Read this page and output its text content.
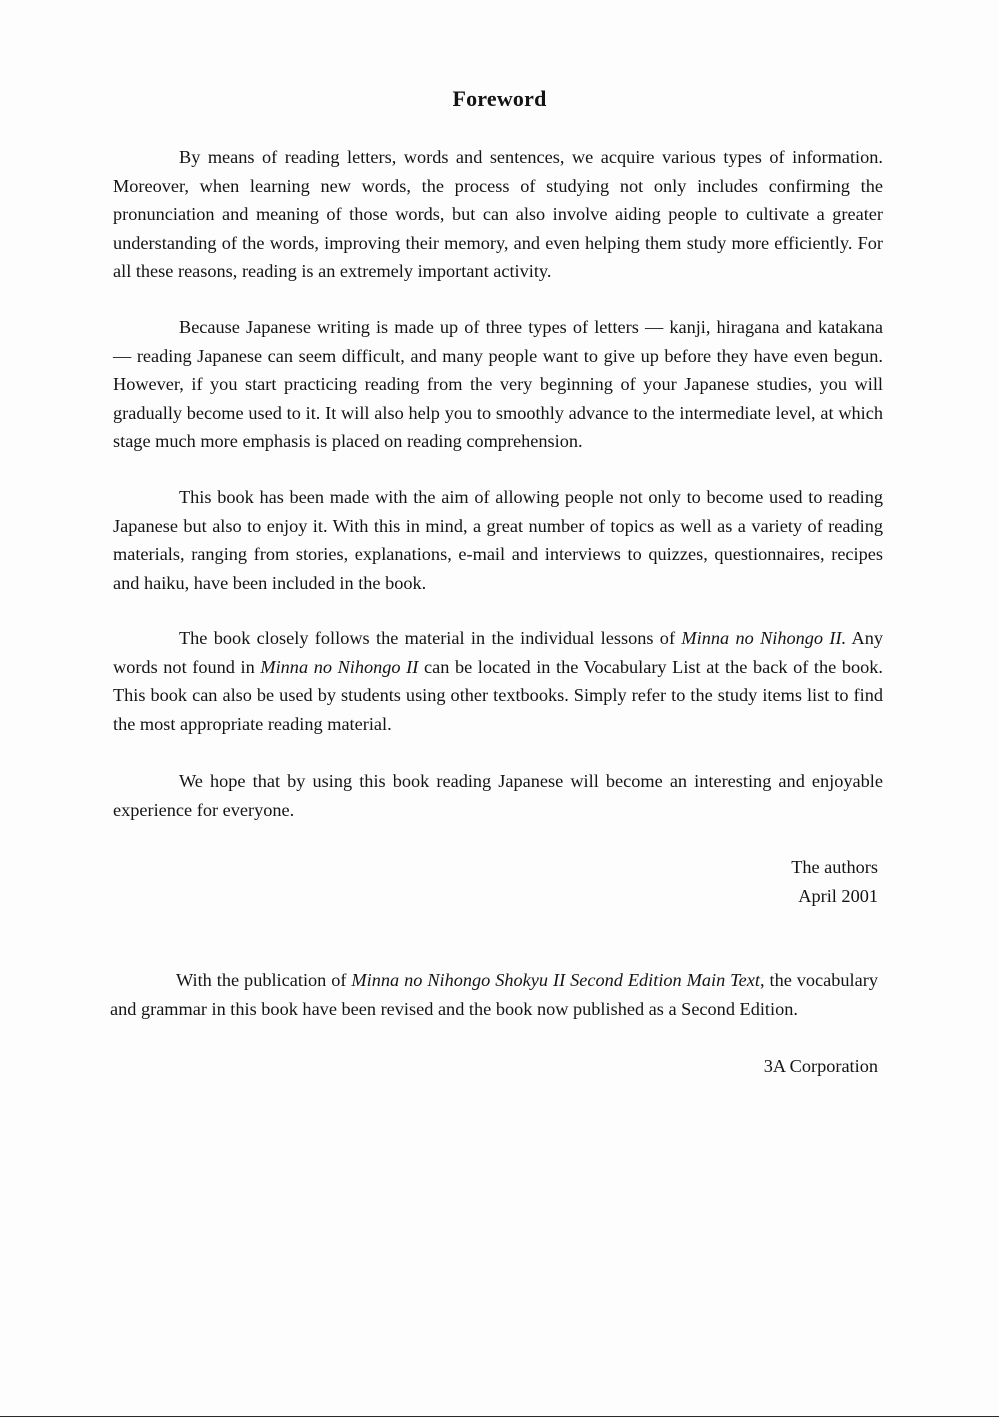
Foreword

By means of reading letters, words and sentences, we acquire various types of information. Moreover, when learning new words, the process of studying not only includes confirming the pronunciation and meaning of those words, but can also involve aiding people to cultivate a greater understanding of the words, improving their memory, and even helping them study more efficiently. For all these reasons, reading is an extremely important activity.

Because Japanese writing is made up of three types of letters — kanji, hiragana and katakana — reading Japanese can seem difficult, and many people want to give up before they have even begun. However, if you start practicing reading from the very beginning of your Japanese studies, you will gradually become used to it. It will also help you to smoothly advance to the intermediate level, at which stage much more emphasis is placed on reading comprehension.

This book has been made with the aim of allowing people not only to become used to reading Japanese but also to enjoy it. With this in mind, a great number of topics as well as a variety of reading materials, ranging from stories, explanations, e-mail and interviews to quizzes, questionnaires, recipes and haiku, have been included in the book.

The book closely follows the material in the individual lessons of Minna no Nihongo II. Any words not found in Minna no Nihongo II can be located in the Vocabulary List at the back of the book. This book can also be used by students using other textbooks. Simply refer to the study items list to find the most appropriate reading material.

We hope that by using this book reading Japanese will become an interesting and enjoyable experience for everyone.

The authors
April 2001

With the publication of Minna no Nihongo Shokyu II Second Edition Main Text, the vocabulary and grammar in this book have been revised and the book now published as a Second Edition.

3A Corporation
